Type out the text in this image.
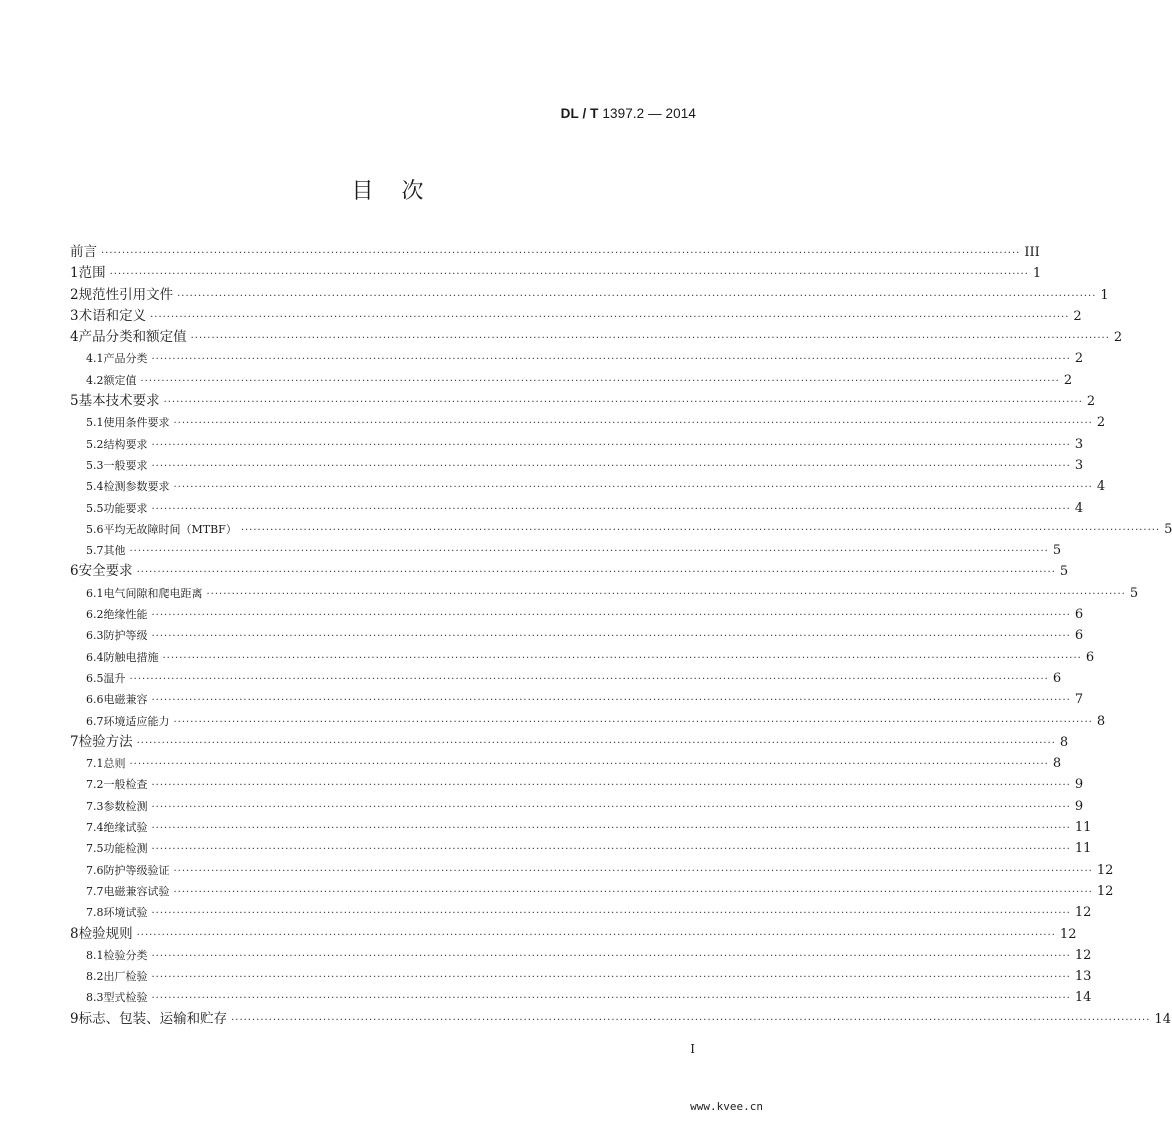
DL / T 1397.2 — 2014
目次
前言 ···························································································································································································································· III
1 范围 ···························································································································································································································· 1
2 规范性引用文件 ···························································································································································································································· 1
3 术语和定义 ···························································································································································································································· 2
4 产品分类和额定值 ···························································································································································································································· 2
4.1 产品分类 ···························································································································································································································· 2
4.2 额定值 ···························································································································································································································· 2
5 基本技术要求 ···························································································································································································································· 2
5.1 使用条件要求 ···························································································································································································································· 2
5.2 结构要求 ···························································································································································································································· 3
5.3 一般要求 ···························································································································································································································· 3
5.4 检测参数要求 ···························································································································································································································· 4
5.5 功能要求 ···························································································································································································································· 4
5.6 平均无故障时间（MTBF） ···························································································································································································································· 5
5.7 其他 ···························································································································································································································· 5
6 安全要求 ···························································································································································································································· 5
6.1 电气间隙和爬电距离 ···························································································································································································································· 5
6.2 绝缘性能 ···························································································································································································································· 6
6.3 防护等级 ···························································································································································································································· 6
6.4 防触电措施 ···························································································································································································································· 6
6.5 温升 ···························································································································································································································· 6
6.6 电磁兼容 ···························································································································································································································· 7
6.7 环境适应能力 ···························································································································································································································· 8
7 检验方法 ···························································································································································································································· 8
7.1 总则 ···························································································································································································································· 8
7.2 一般检查 ···························································································································································································································· 9
7.3 参数检测 ···························································································································································································································· 9
7.4 绝缘试验 ···························································································································································································································· 11
7.5 功能检测 ···························································································································································································································· 11
7.6 防护等级验证 ···························································································································································································································· 12
7.7 电磁兼容试验 ···························································································································································································································· 12
7.8 环境试验 ···························································································································································································································· 12
8 检验规则 ···························································································································································································································· 12
8.1 检验分类 ···························································································································································································································· 12
8.2 出厂检验 ···························································································································································································································· 13
8.3 型式检验 ···························································································································································································································· 14
9 标志、包装、运输和贮存 ···························································································································································································································· 14
I
www.kvee.cn
